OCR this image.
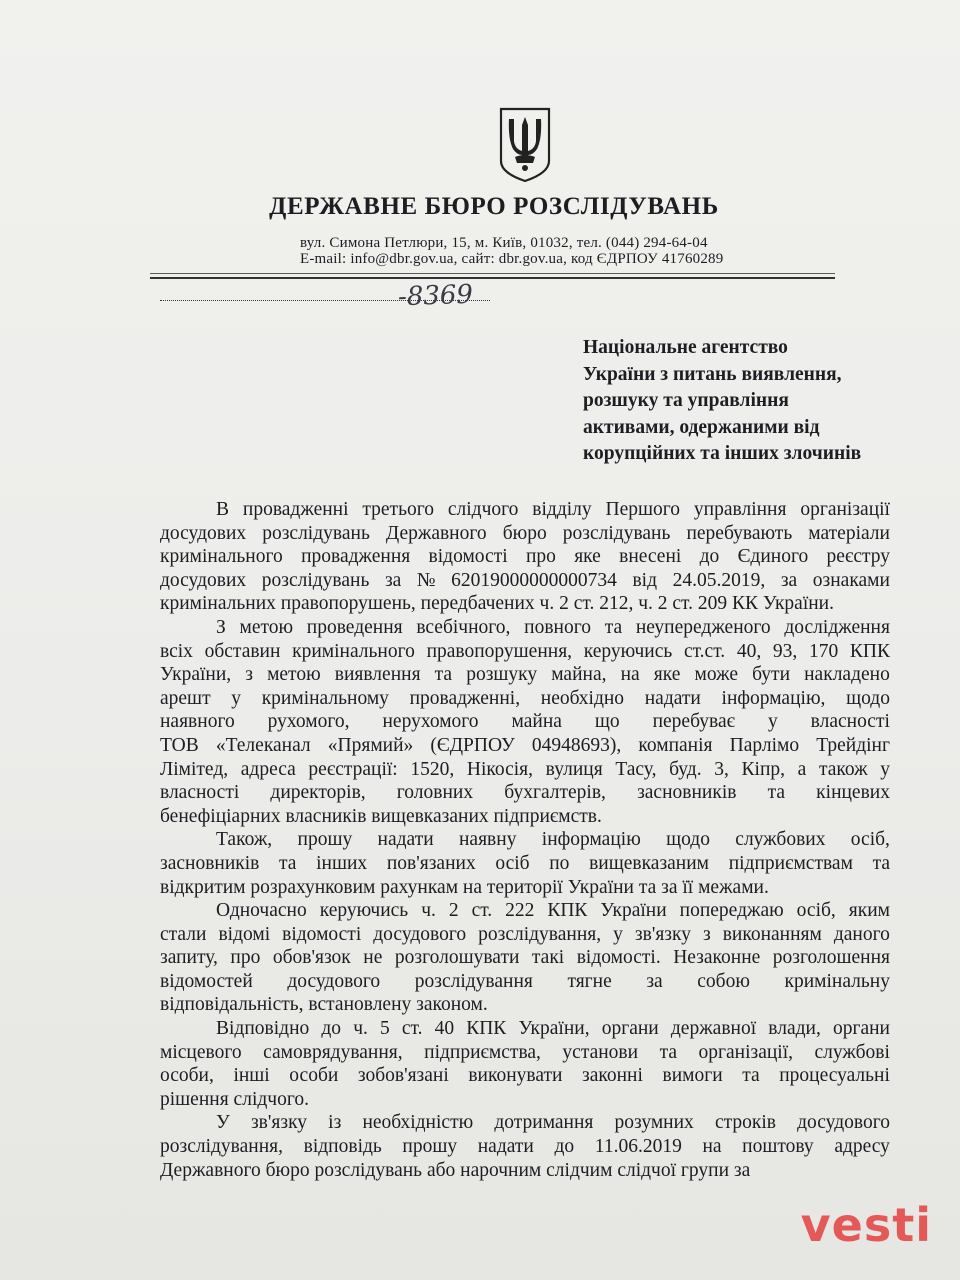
ДЕРЖАВНЕ БЮРО РОЗСЛІДУВАНЬ
вул. Симона Петлюри, 15, м. Київ, 01032, тел. (044) 294-64-04
E-mail: info@dbr.gov.ua, сайт: dbr.gov.ua, код ЄДРПОУ 41760289
-8369
Національне агентство
України з питань виявлення,
розшуку та управління
активами, одержаними від
корупційних та інших злочинів
В провадженні третього слідчого відділу Першого управління організації
досудових розслідувань Державного бюро розслідувань перебувають матеріали
кримінального провадження відомості про яке внесені до Єдиного реєстру
досудових розслідувань за № 62019000000000734 від 24.05.2019, за ознаками
кримінальних правопорушень, передбачених ч. 2 ст. 212, ч. 2 ст. 209 КК України.
З метою проведення всебічного, повного та неупередженого дослідження
всіх обставин кримінального правопорушення, керуючись ст.ст. 40, 93, 170 КПК
України, з метою виявлення та розшуку майна, на яке може бути накладено
арешт у кримінальному провадженні, необхідно надати інформацію, щодо
наявного рухомого, нерухомого майна що перебуває у власності
ТОВ «Телеканал «Прямий» (ЄДРПОУ 04948693), компанія Парлімо Трейдінг
Лімітед, адреса реєстрації: 1520, Нікосія, вулиця Тасу, буд. 3, Кіпр, а також у
власності директорів, головних бухгалтерів, засновників та кінцевих
бенефіціарних власників вищевказаних підприємств.
Також, прошу надати наявну інформацію щодо службових осіб,
засновників та інших пов'язаних осіб по вищевказаним підприємствам та
відкритим розрахунковим рахункам на території України та за її межами.
Одночасно керуючись ч. 2 ст. 222 КПК України попереджаю осіб, яким
стали відомі відомості досудового розслідування, у зв'язку з виконанням даного
запиту, про обов'язок не розголошувати такі відомості. Незаконне розголошення
відомостей досудового розслідування тягне за собою кримінальну
відповідальність, встановлену законом.
Відповідно до ч. 5 ст. 40 КПК України, органи державної влади, органи
місцевого самоврядування, підприємства, установи та організації, службові
особи, інші особи зобов'язані виконувати законні вимоги та процесуальні
рішення слідчого.
У зв'язку із необхідністю дотримання розумних строків досудового
розслідування, відповідь прошу надати до 11.06.2019 на поштову адресу
Державного бюро розслідувань або нарочним слідчим слідчої групи за
vesti
